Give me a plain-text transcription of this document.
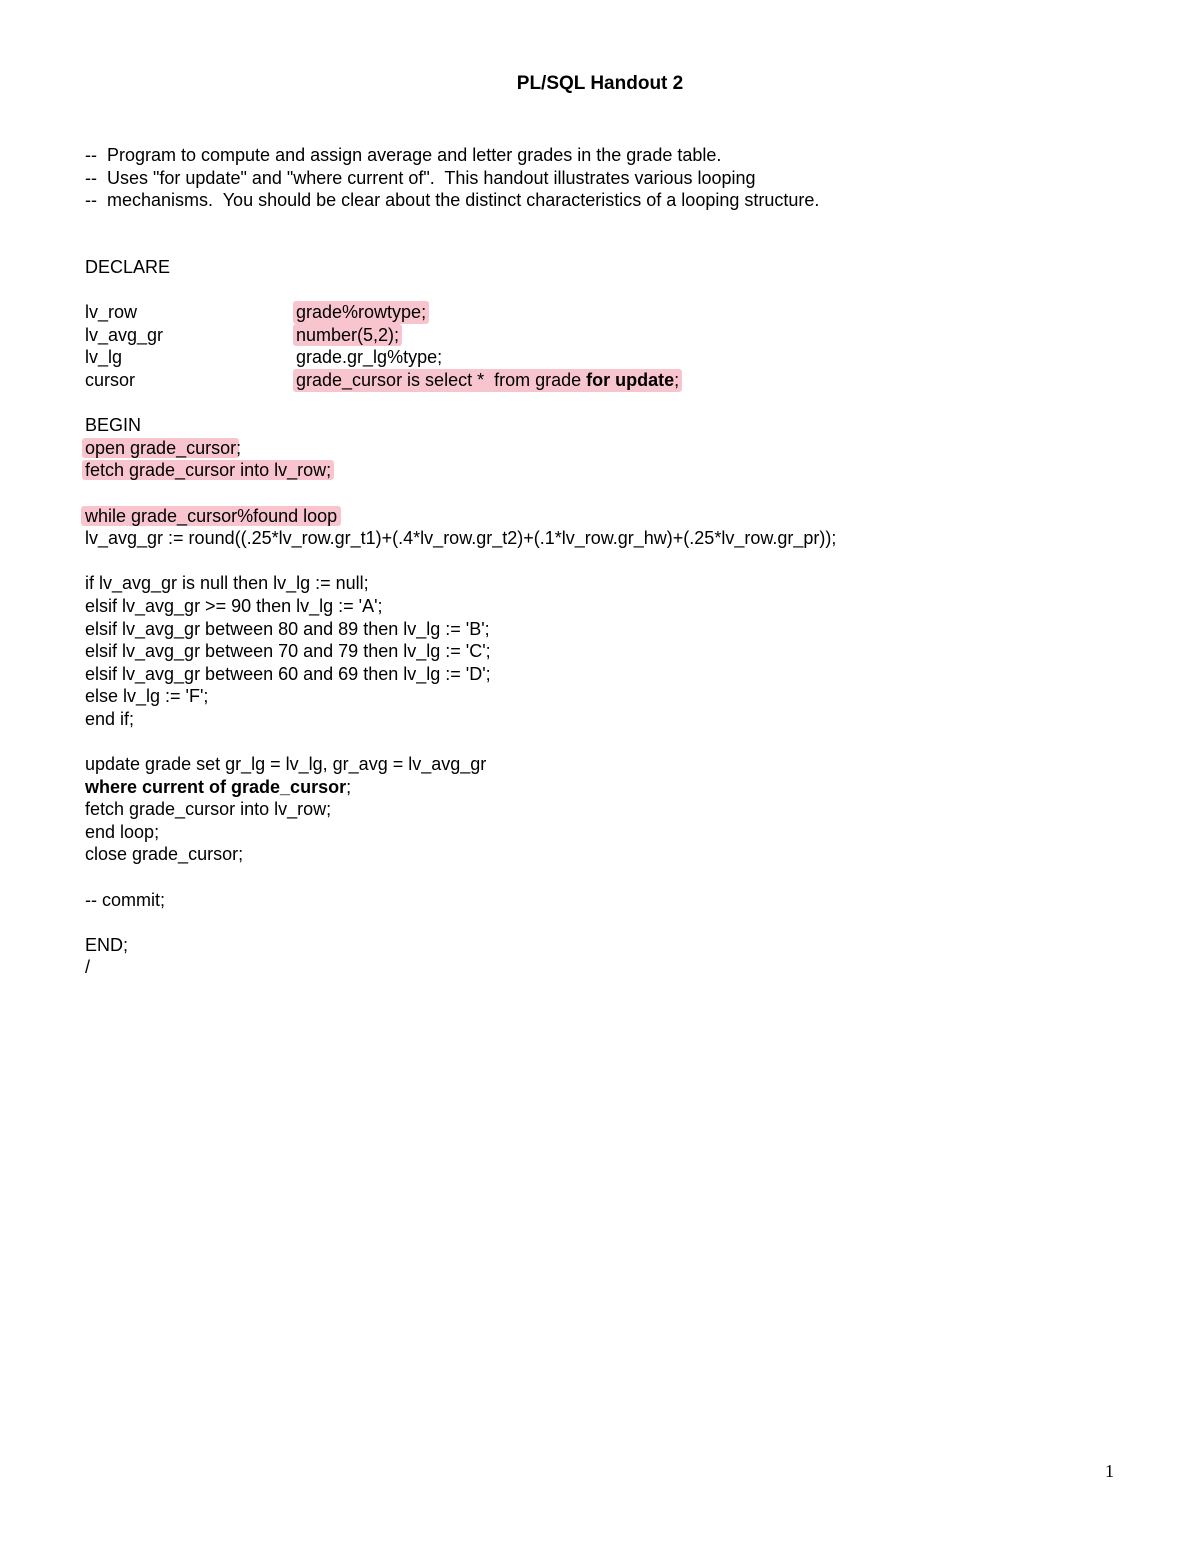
PL/SQL Handout 2
--  Program to compute and assign average and letter grades in the grade table.
--  Uses "for update" and "where current of".  This handout illustrates various looping
--  mechanisms.  You should be clear about the distinct characteristics of a looping structure.
DECLARE
lv_row	grade%rowtype;
lv_avg_gr	number(5,2);
lv_lg	grade.gr_lg%type;
cursor	grade_cursor is select *  from grade for update;
BEGIN
open grade_cursor;
fetch grade_cursor into lv_row;
while grade_cursor%found loop
lv_avg_gr := round((.25*lv_row.gr_t1)+(.4*lv_row.gr_t2)+(.1*lv_row.gr_hw)+(.25*lv_row.gr_pr));
if lv_avg_gr is null then lv_lg := null;
elsif lv_avg_gr >= 90 then lv_lg := 'A';
elsif lv_avg_gr between 80 and 89 then lv_lg := 'B';
elsif lv_avg_gr between 70 and 79 then lv_lg := 'C';
elsif lv_avg_gr between 60 and 69 then lv_lg := 'D';
else lv_lg := 'F';
end if;
update grade set gr_lg = lv_lg, gr_avg = lv_avg_gr
where current of grade_cursor;
fetch grade_cursor into lv_row;
end loop;
close grade_cursor;
-- commit;
END;
/
1
